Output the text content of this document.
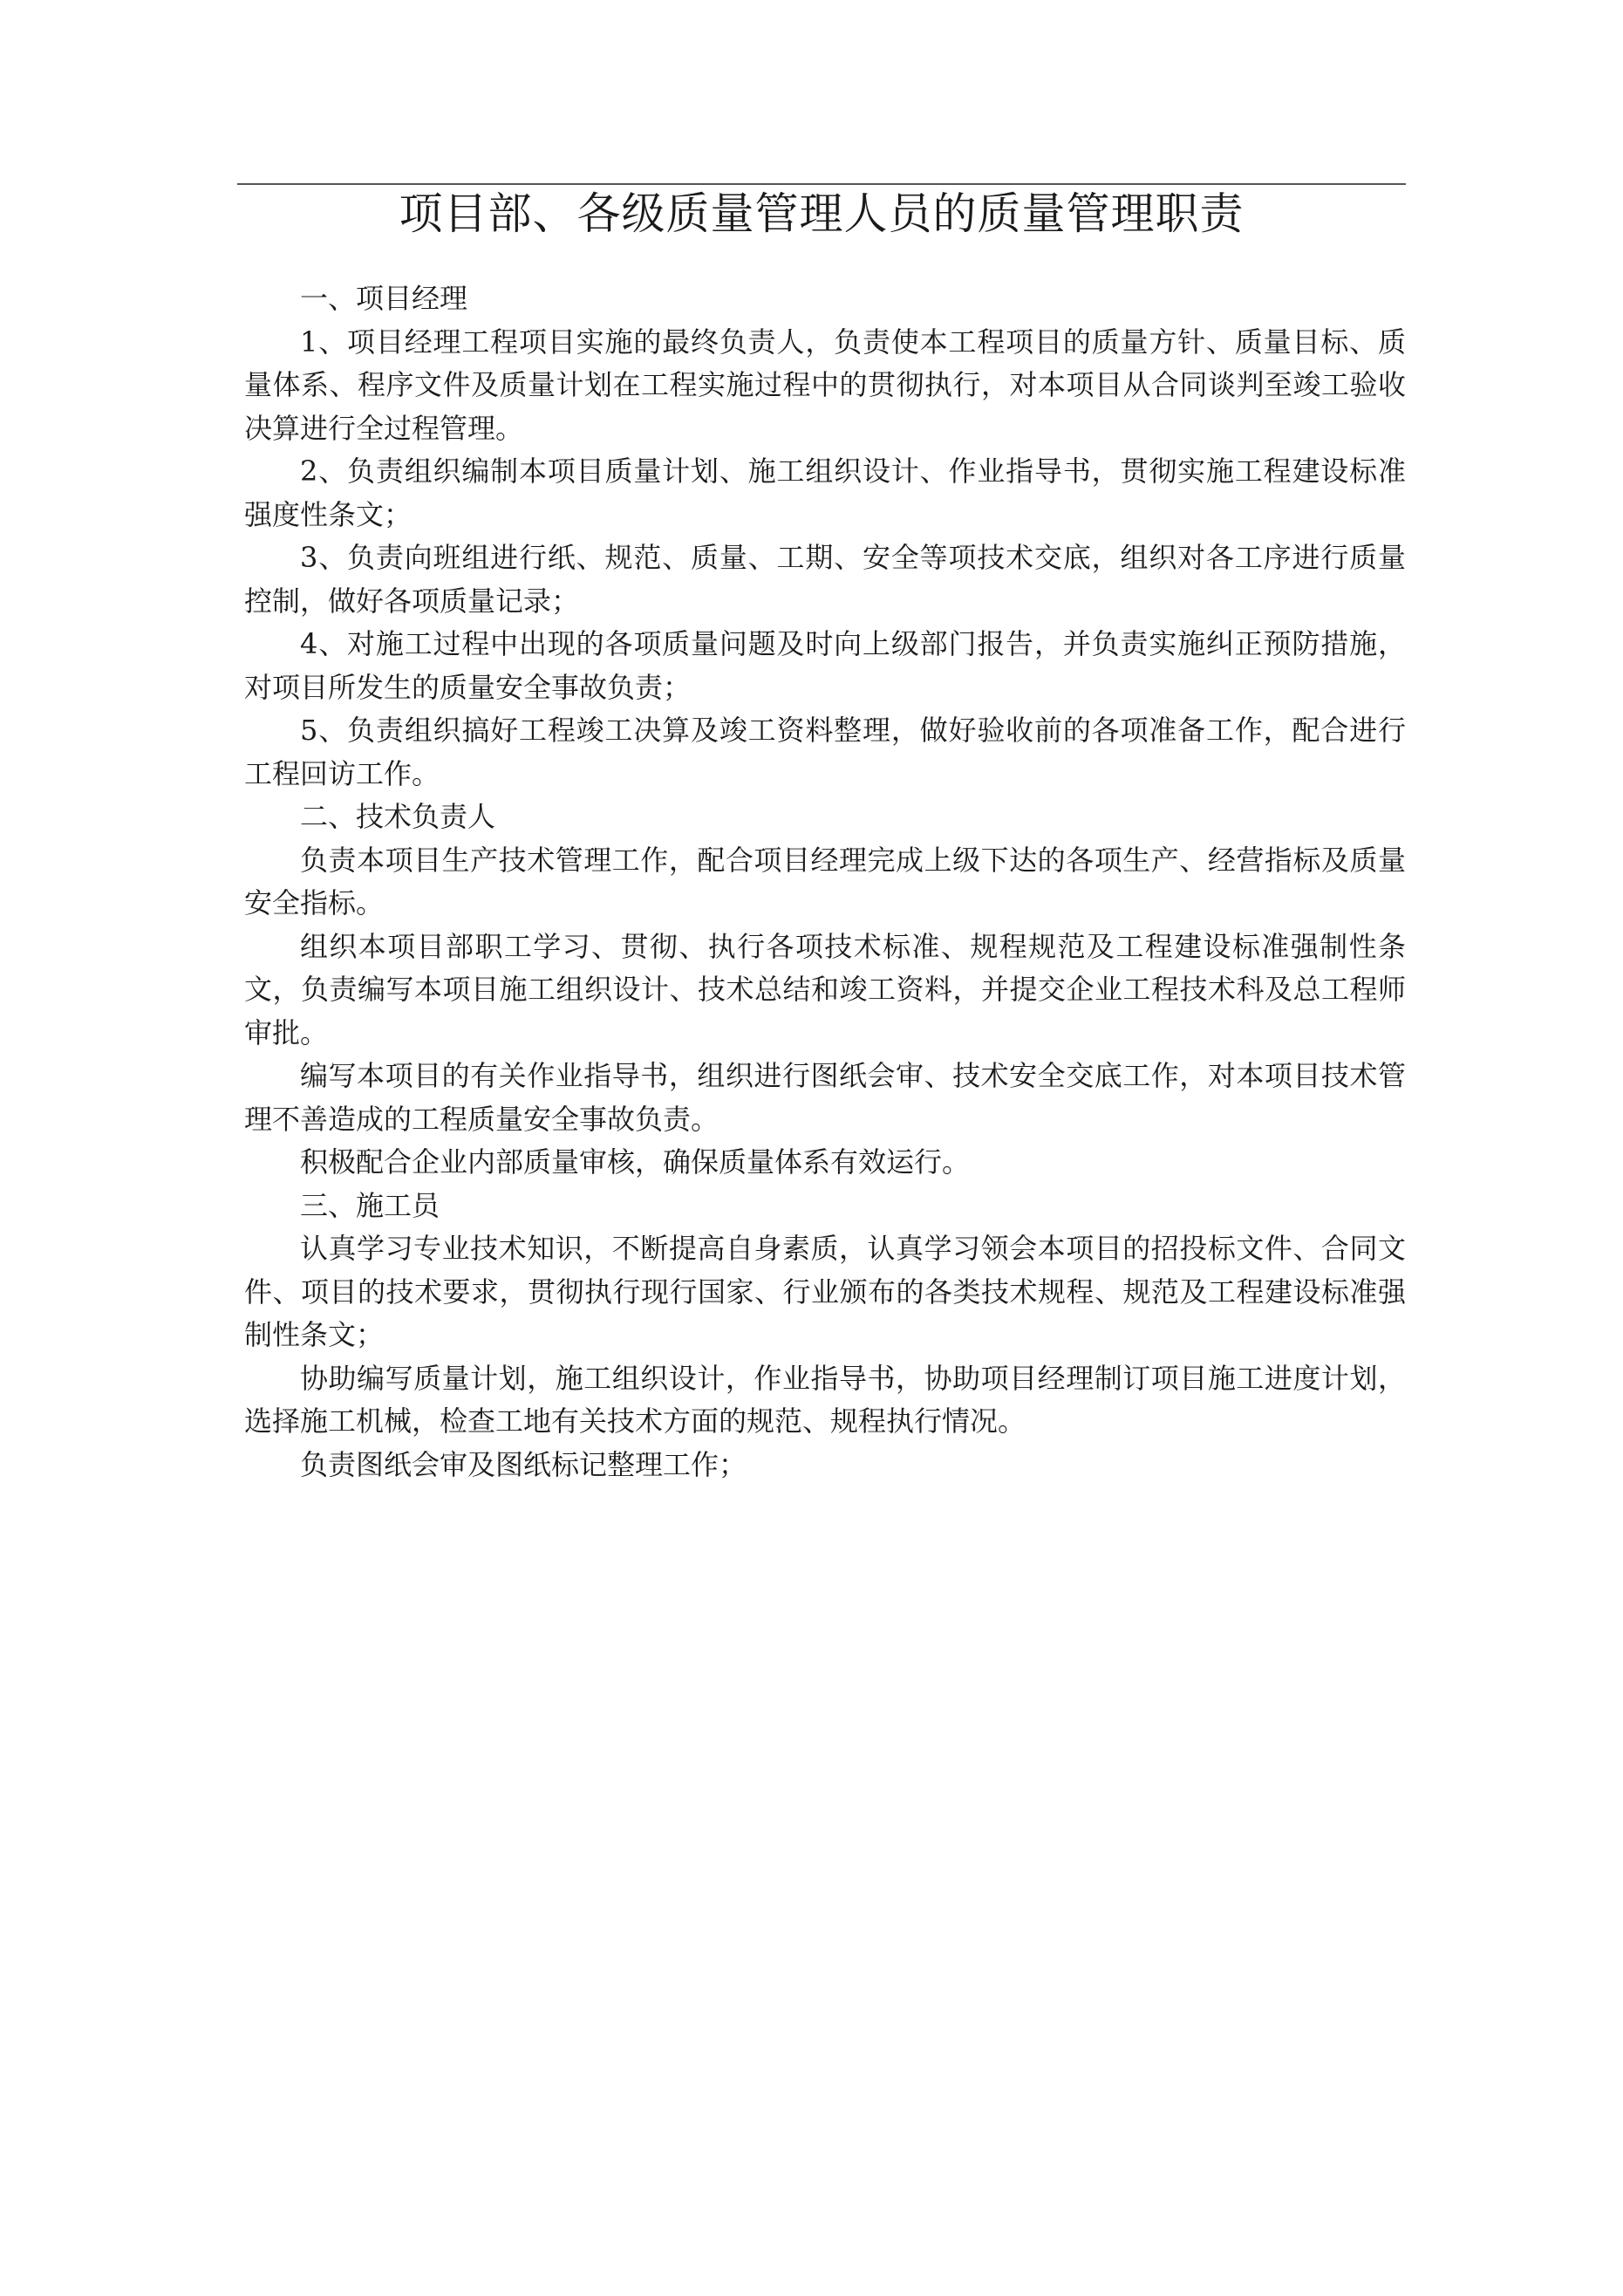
项目部、各级质量管理人员的质量管理职责

一、项目经理

1、项目经理工程项目实施的最终负责人，负责使本工程项目的质量方针、质量目标、质量体系、程序文件及质量计划在工程实施过程中的贯彻执行，对本项目从合同谈判至竣工验收决算进行全过程管理。

2、负责组织编制本项目质量计划、施工组织设计、作业指导书，贯彻实施工程建设标准强度性条文；

3、负责向班组进行纸、规范、质量、工期、安全等项技术交底，组织对各工序进行质量控制，做好各项质量记录；

4、对施工过程中出现的各项质量问题及时向上级部门报告，并负责实施纠正预防措施，对项目所发生的质量安全事故负责；

5、负责组织搞好工程竣工决算及竣工资料整理，做好验收前的各项准备工作，配合进行工程回访工作。

二、技术负责人

负责本项目生产技术管理工作，配合项目经理完成上级下达的各项生产、经营指标及质量安全指标。

组织本项目部职工学习、贯彻、执行各项技术标准、规程规范及工程建设标准强制性条文，负责编写本项目施工组织设计、技术总结和竣工资料，并提交企业工程技术科及总工程师审批。

编写本项目的有关作业指导书，组织进行图纸会审、技术安全交底工作，对本项目技术管理不善造成的工程质量安全事故负责。

积极配合企业内部质量审核，确保质量体系有效运行。

三、施工员

认真学习专业技术知识，不断提高自身素质，认真学习领会本项目的招投标文件、合同文件、项目的技术要求，贯彻执行现行国家、行业颁布的各类技术规程、规范及工程建设标准强制性条文；

协助编写质量计划，施工组织设计，作业指导书，协助项目经理制订项目施工进度计划，选择施工机械，检查工地有关技术方面的规范、规程执行情况。

负责图纸会审及图纸标记整理工作；
